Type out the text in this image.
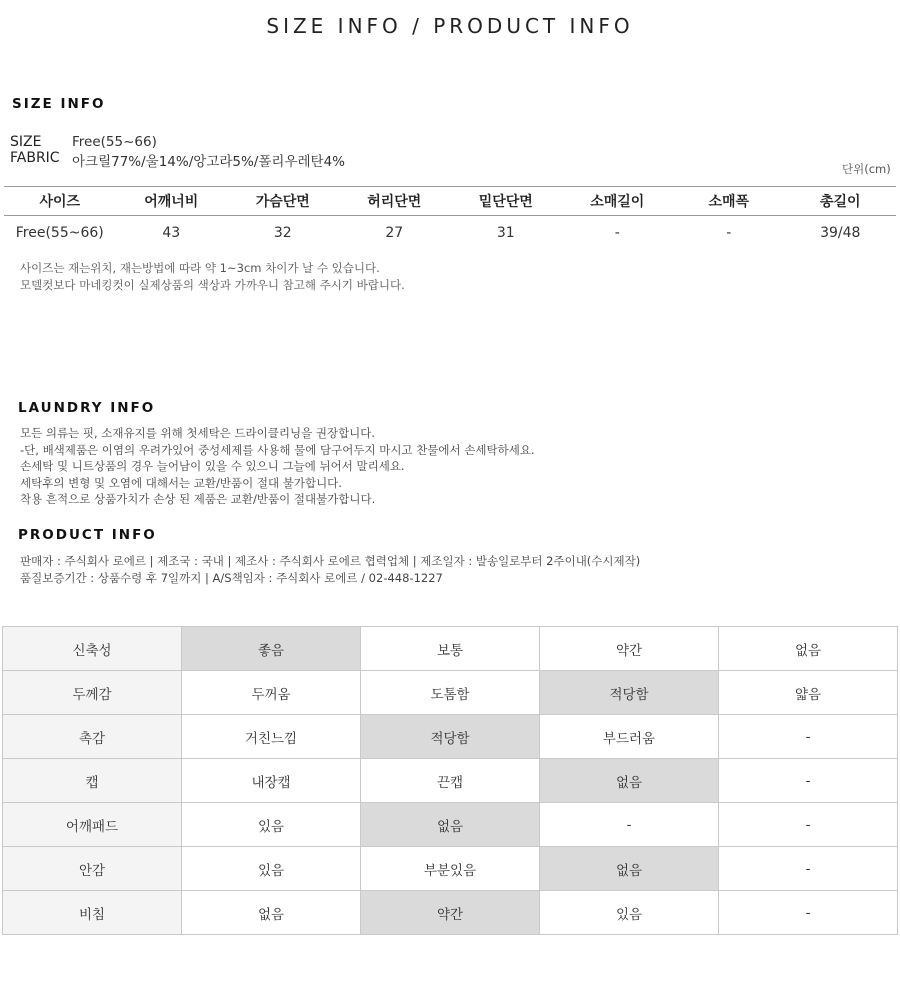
SIZE INFO / PRODUCT INFO
SIZE INFO
SIZE Free(55~66)
FABRIC 아크릴77%/울14%/앙고라5%/폴리우레탄4%	단위(cm)
사이즈	어깨너비	가슴단면	허리단면	밑단단면	소매길이	소매폭	총길이
Free(55~66)	43	32	27	31	-	-	39/48
사이즈는 재는위치, 재는방법에 따라 약 1~3cm 차이가 날 수 있습니다.
모델컷보다 마네킹컷이 실제상품의 색상과 가까우니 참고해 주시기 바랍니다.
LAUNDRY INFO
모든 의류는 핏, 소재유지를 위해 첫세탁은 드라이클리닝을 권장합니다.
-단, 배색제품은 이염의 우려가있어 중성세제를 사용해 물에 담구어두지 마시고 찬물에서 손세탁하세요.
손세탁 및 니트상품의 경우 늘어남이 있을 수 있으니 그늘에 뉘어서 말리세요.
세탁후의 변형 및 오염에 대해서는 교환/반품이 절대 불가합니다.
착용 흔적으로 상품가치가 손상 된 제품은 교환/반품이 절대불가합니다.
PRODUCT INFO
판매자 : 주식회사 로에르 | 제조국 : 국내 | 제조사 : 주식회사 로에르 협력업체 | 제조일자 : 발송일로부터 2주이내(수시제작)
품질보증기간 : 상품수령 후 7일까지 | A/S책임자 : 주식회사 로에르 / 02-448-1227
신축성	좋음	보통	약간	없음
두께감	두꺼움	도톰함	적당함	얇음
촉감	거친느낌	적당함	부드러움	-
캡	내장캡	끈캡	없음	-
어깨패드	있음	없음	-	-
안감	있음	부분있음	없음	-
비침	없음	약간	있음	-
